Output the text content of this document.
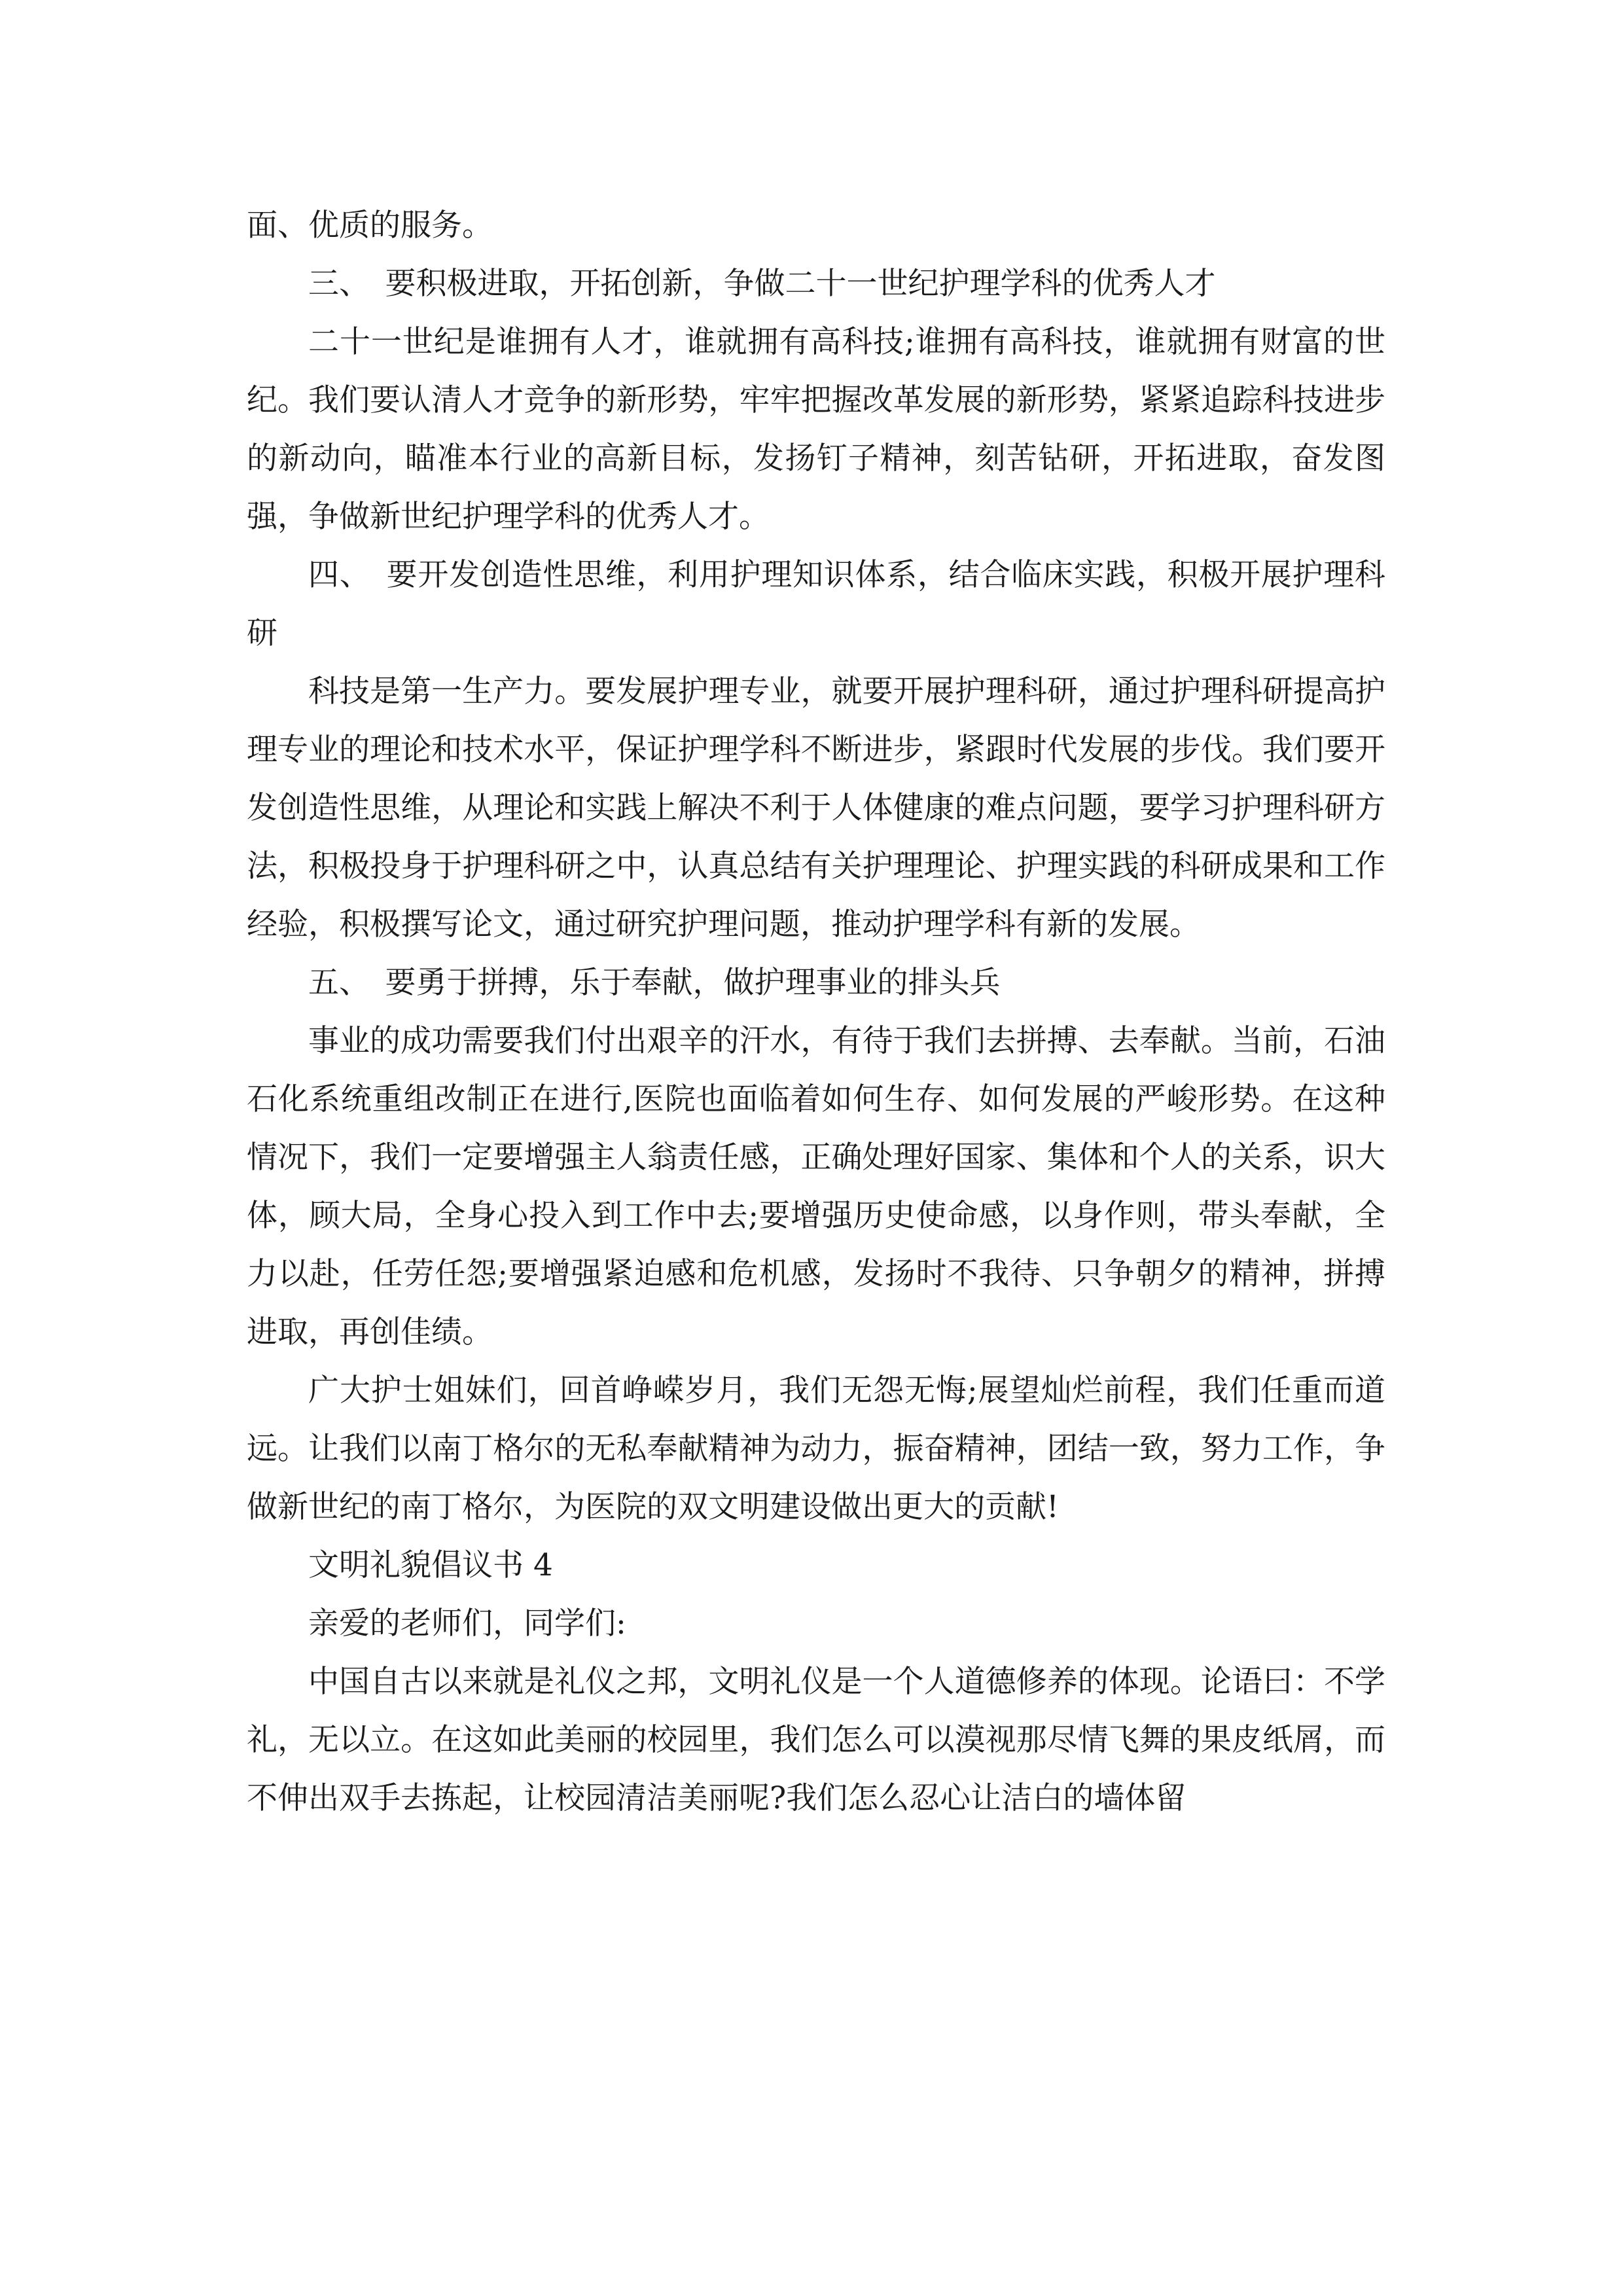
面、优质的服务。

三、　要积极进取，开拓创新，争做二十一世纪护理学科的优秀人才

二十一世纪是谁拥有人才，谁就拥有高科技;谁拥有高科技，谁就拥有财富的世纪。我们要认清人才竞争的新形势，牢牢把握改革发展的新形势，紧紧追踪科技进步的新动向，瞄准本行业的高新目标，发扬钉子精神，刻苦钻研，开拓进取，奋发图强，争做新世纪护理学科的优秀人才。

四、　要开发创造性思维，利用护理知识体系，结合临床实践，积极开展护理科研

科技是第一生产力。要发展护理专业，就要开展护理科研，通过护理科研提高护理专业的理论和技术水平，保证护理学科不断进步，紧跟时代发展的步伐。我们要开发创造性思维，从理论和实践上解决不利于人体健康的难点问题，要学习护理科研方法，积极投身于护理科研之中，认真总结有关护理理论、护理实践的科研成果和工作经验，积极撰写论文，通过研究护理问题，推动护理学科有新的发展。

五、　要勇于拼搏，乐于奉献，做护理事业的排头兵

事业的成功需要我们付出艰辛的汗水，有待于我们去拼搏、去奉献。当前，石油石化系统重组改制正在进行,医院也面临着如何生存、如何发展的严峻形势。在这种情况下，我们一定要增强主人翁责任感，正确处理好国家、集体和个人的关系，识大体，顾大局，全身心投入到工作中去;要增强历史使命感，以身作则，带头奉献，全力以赴，任劳任怨;要增强紧迫感和危机感，发扬时不我待、只争朝夕的精神，拼搏进取，再创佳绩。

广大护士姐妹们，回首峥嵘岁月，我们无怨无悔;展望灿烂前程，我们任重而道远。让我们以南丁格尔的无私奉献精神为动力，振奋精神，团结一致，努力工作，争做新世纪的南丁格尔，为医院的双文明建设做出更大的贡献!

文明礼貌倡议书 4

亲爱的老师们，同学们:

中国自古以来就是礼仪之邦，文明礼仪是一个人道德修养的体现。论语曰：不学礼，无以立。在这如此美丽的校园里，我们怎么可以漠视那尽情飞舞的果皮纸屑，而不伸出双手去拣起，让校园清洁美丽呢?我们怎么忍心让洁白的墙体留
